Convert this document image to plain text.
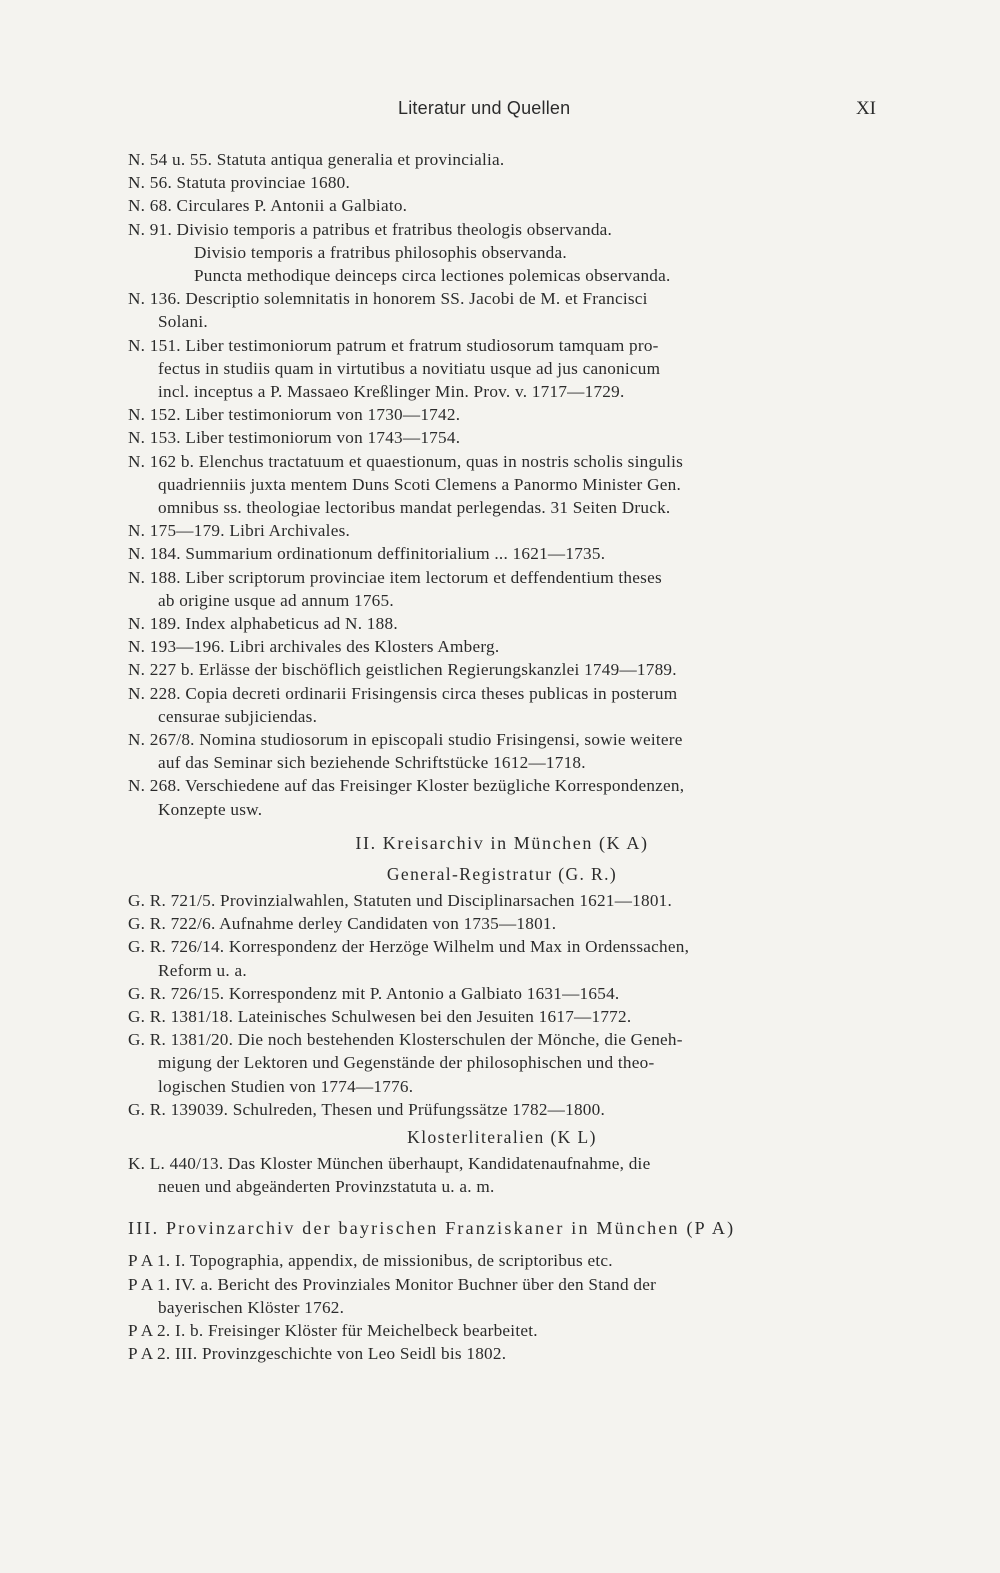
Literatur und Quellen	XI
N. 54 u. 55. Statuta antiqua generalia et provincialia.
N. 56. Statuta provinciae 1680.
N. 68. Circulares P. Antonii a Galbiato.
N. 91. Divisio temporis a patribus et fratribus theologis observanda.
Divisio temporis a fratribus philosophis observanda.
Puncta methodique deinceps circa lectiones polemicas observanda.
N. 136. Descriptio solemnitatis in honorem SS. Jacobi de M. et Francisci
Solani.
N. 151. Liber testimoniorum patrum et fratrum studiosorum tamquam pro-
fectus in studiis quam in virtutibus a novitiatu usque ad jus canonicum
incl. inceptus a P. Massaeo Kreßlinger Min. Prov. v. 1717—1729.
N. 152. Liber testimoniorum von 1730—1742.
N. 153. Liber testimoniorum von 1743—1754.
N. 162 b. Elenchus tractatuum et quaestionum, quas in nostris scholis singulis
quadrienniis juxta mentem Duns Scoti Clemens a Panormo Minister Gen.
omnibus ss. theologiae lectoribus mandat perlegendas. 31 Seiten Druck.
N. 175—179. Libri Archivales.
N. 184. Summarium ordinationum deffinitorialium ... 1621—1735.
N. 188. Liber scriptorum provinciae item lectorum et deffendentium theses
ab origine usque ad annum 1765.
N. 189. Index alphabeticus ad N. 188.
N. 193—196. Libri archivales des Klosters Amberg.
N. 227 b. Erlässe der bischöflich geistlichen Regierungskanzlei 1749—1789.
N. 228. Copia decreti ordinarii Frisingensis circa theses publicas in posterum
censurae subjiciendas.
N. 267/8. Nomina studiosorum in episcopali studio Frisingensi, sowie weitere
auf das Seminar sich beziehende Schriftstücke 1612—1718.
N. 268. Verschiedene auf das Freisinger Kloster bezügliche Korrespondenzen,
Konzepte usw.
II. Kreisarchiv in München (K A)
General-Registratur (G. R.)
G. R. 721/5. Provinzialwahlen, Statuten und Disciplinarsachen 1621—1801.
G. R. 722/6. Aufnahme derley Candidaten von 1735—1801.
G. R. 726/14. Korrespondenz der Herzöge Wilhelm und Max in Ordenssachen,
Reform u. a.
G. R. 726/15. Korrespondenz mit P. Antonio a Galbiato 1631—1654.
G. R. 1381/18. Lateinisches Schulwesen bei den Jesuiten 1617—1772.
G. R. 1381/20. Die noch bestehenden Klosterschulen der Mönche, die Geneh-
migung der Lektoren und Gegenstände der philosophischen und theo-
logischen Studien von 1774—1776.
G. R. 139039. Schulreden, Thesen und Prüfungssätze 1782—1800.
Klosterliteralien (K L)
K. L. 440/13. Das Kloster München überhaupt, Kandidatenaufnahme, die
neuen und abgeänderten Provinzstatuta u. a. m.
III. Provinzarchiv der bayrischen Franziskaner in München (P A)
P A 1. I. Topographia, appendix, de missionibus, de scriptoribus etc.
P A 1. IV. a. Bericht des Provinziales Monitor Buchner über den Stand der
bayerischen Klöster 1762.
P A 2. I. b. Freisinger Klöster für Meichelbeck bearbeitet.
P A 2. III. Provinzgeschichte von Leo Seidl bis 1802.
